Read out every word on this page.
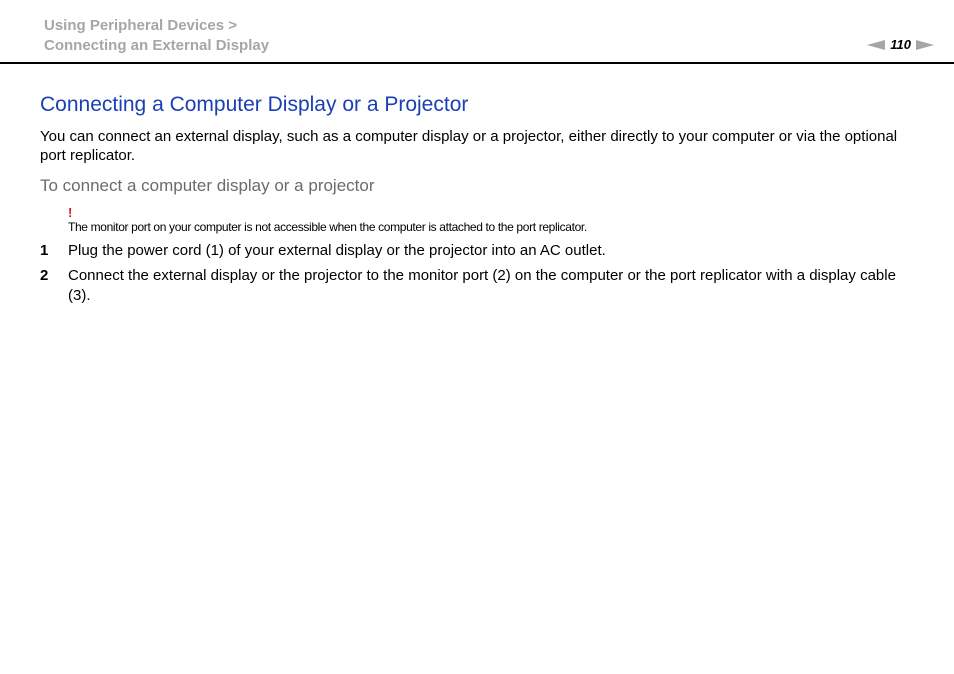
Using Peripheral Devices >
Connecting an External Display	110
Connecting a Computer Display or a Projector

You can connect an external display, such as a computer display or a projector, either directly to your computer or via the optional port replicator.

To connect a computer display or a projector

!
The monitor port on your computer is not accessible when the computer is attached to the port replicator.
1	Plug the power cord (1) of your external display or the projector into an AC outlet.
2	Connect the external display or the projector to the monitor port (2) on the computer or the port replicator with a display cable (3).
